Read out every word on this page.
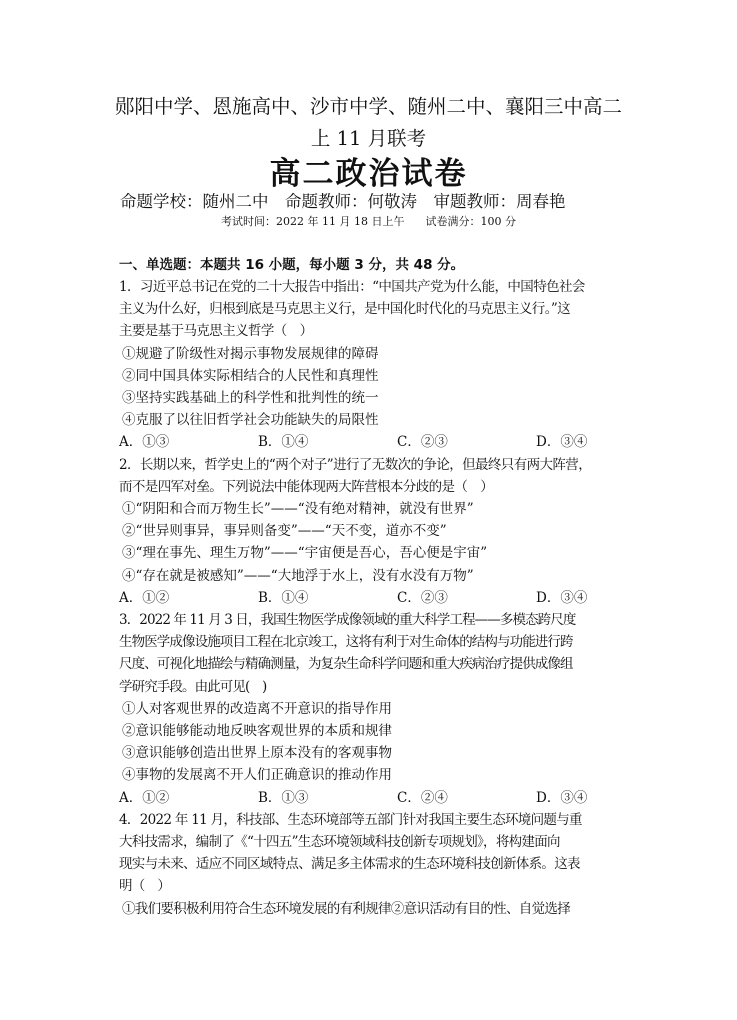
郧阳中学、恩施高中、沙市中学、随州二中、襄阳三中高二
上 11 月联考
高二政治试卷
命题学校：随州二中　命题教师：何敬涛　审题教师：周春艳
考试时间：2022 年 11 月 18 日上午      试卷满分：100 分
一、单选题：本题共 16 小题，每小题 3 分，共 48 分。
1．习近平总书记在党的二十大报告中指出：“中国共产党为什么能，中国特色社会
主义为什么好，归根到底是马克思主义行，是中国化时代化的马克思主义行。”这
主要是基于马克思主义哲学（　）
①规避了阶级性对揭示事物发展规律的障碍
②同中国具体实际相结合的人民性和真理性
③坚持实践基础上的科学性和批判性的统一
④克服了以往旧哲学社会功能缺失的局限性
A．①③	B．①④	C．②③	D．③④
2．长期以来，哲学史上的“两个对子”进行了无数次的争论，但最终只有两大阵营，
而不是四军对垒。下列说法中能体现两大阵营根本分歧的是（　）
①“阴阳和合而万物生长”——“没有绝对精神，就没有世界”
②“世异则事异，事异则备变”——“天不变，道亦不变”
③“理在事先、理生万物”——“宇宙便是吾心，吾心便是宇宙”
④“存在就是被感知”——“大地浮于水上，没有水没有万物”
A．①②	B．①④	C．②③	D．③④
3．2022 年 11 月 3 日，我国生物医学成像领域的重大科学工程——多模态跨尺度
生物医学成像设施项目工程在北京竣工，这将有利于对生命体的结构与功能进行跨
尺度、可视化地描绘与精确测量，为复杂生命科学问题和重大疾病治疗提供成像组
学研究手段。由此可见(　)
①人对客观世界的改造离不开意识的指导作用
②意识能够能动地反映客观世界的本质和规律
③意识能够创造出世界上原本没有的客观事物
④事物的发展离不开人们正确意识的推动作用
A．①②	B．①③	C．②④	D．③④
4．2022 年 11 月，科技部、生态环境部等五部门针对我国主要生态环境问题与重
大科技需求，编制了《“十四五”生态环境领域科技创新专项规划》，将构建面向
现实与未来、适应不同区域特点、满足多主体需求的生态环境科技创新体系。这表
明（　）
①我们要积极利用符合生态环境发展的有利规律②意识活动有目的性、自觉选择
